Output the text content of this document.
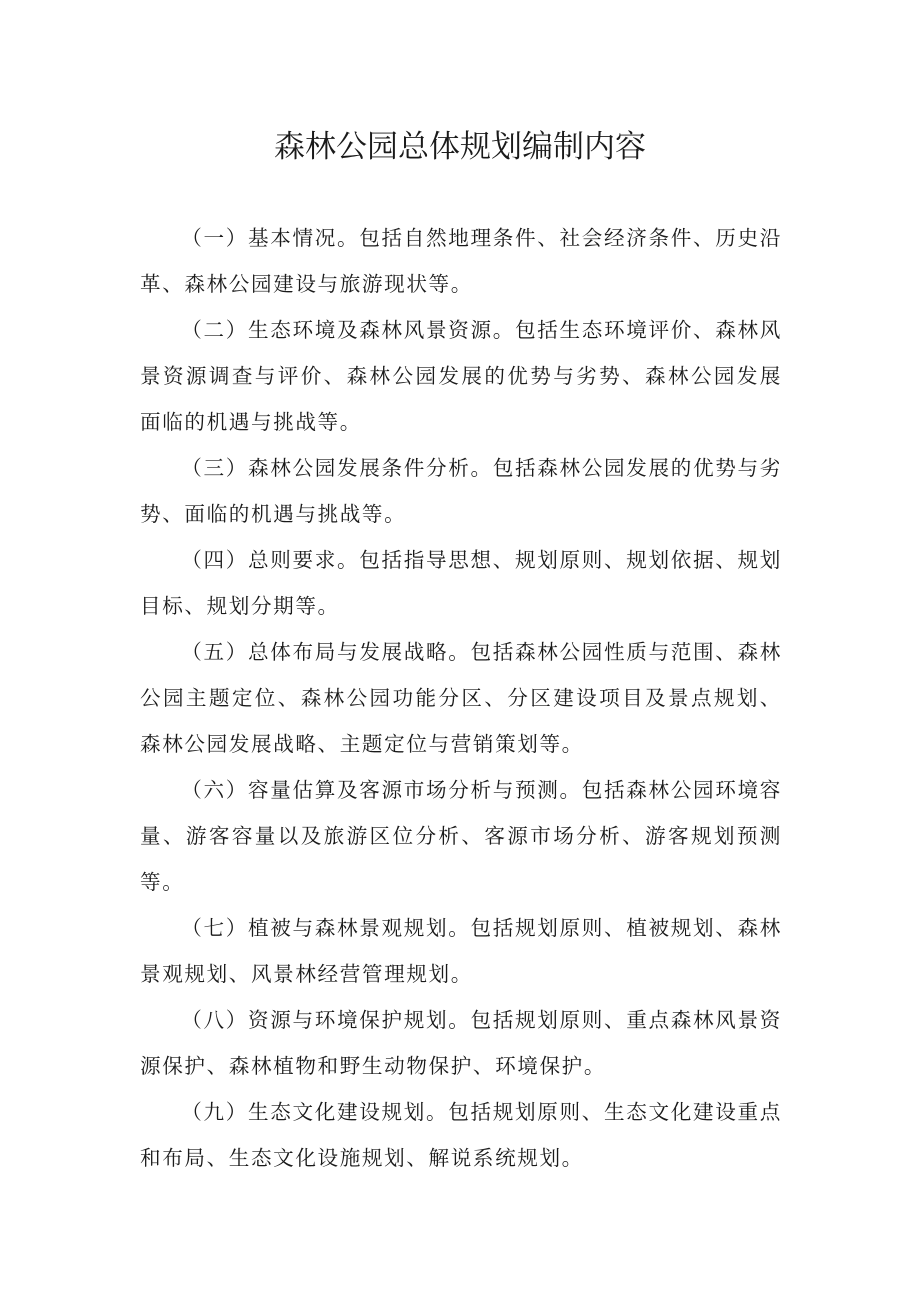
森林公园总体规划编制内容

（一）基本情况。包括自然地理条件、社会经济条件、历史沿革、森林公园建设与旅游现状等。

（二）生态环境及森林风景资源。包括生态环境评价、森林风景资源调查与评价、森林公园发展的优势与劣势、森林公园发展面临的机遇与挑战等。

（三）森林公园发展条件分析。包括森林公园发展的优势与劣势、面临的机遇与挑战等。

（四）总则要求。包括指导思想、规划原则、规划依据、规划目标、规划分期等。

（五）总体布局与发展战略。包括森林公园性质与范围、森林公园主题定位、森林公园功能分区、分区建设项目及景点规划、森林公园发展战略、主题定位与营销策划等。

（六）容量估算及客源市场分析与预测。包括森林公园环境容量、游客容量以及旅游区位分析、客源市场分析、游客规划预测等。

（七）植被与森林景观规划。包括规划原则、植被规划、森林景观规划、风景林经营管理规划。

（八）资源与环境保护规划。包括规划原则、重点森林风景资源保护、森林植物和野生动物保护、环境保护。

（九）生态文化建设规划。包括规划原则、生态文化建设重点和布局、生态文化设施规划、解说系统规划。
